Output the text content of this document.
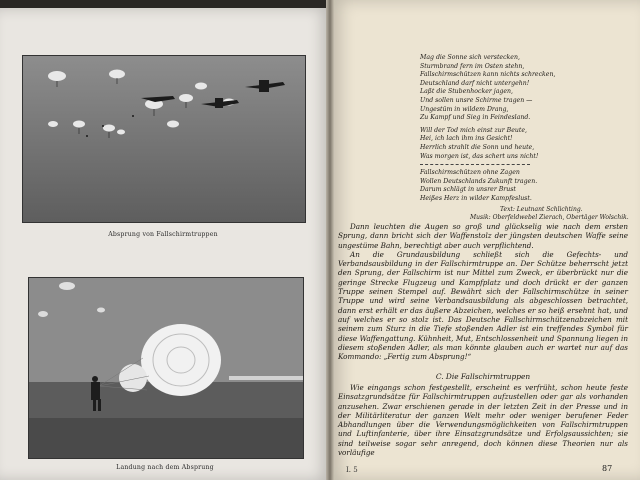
Absprung von Fallschirmtruppen
Landung nach dem Absprung
Mag die Sonne sich verstecken,
Sturmbrand fern im Osten stehn,
Fallschirmschützen kann nichts schrecken,
Deutschland darf nicht untergehn!
Laßt die Stubenhocker jagen,
Und sollen unsre Schirme tragen —
Ungestüm in wildem Drang,
Zu Kampf und Sieg in Feindesland.
Will der Tod mich einst zur Beute,
Hei, ich lach ihm ins Gesicht!
Herrlich strahlt die Sonn und heute,
Was morgen ist, das schert uns nicht!
Fallschirmschützen ohne Zagen
Wollen Deutschlands Zukunft tragen.
Darum schlägt in unsrer Brust
Heißes Herz in wilder Kampfeslust.
Text: Leutnant Schlichting.
Musik: Oberfeldwebel Zierach, Obertäger Wolschik.

Dann leuchten die Augen so groß und glückselig wie nach dem ersten Sprung, dann bricht sich der Waffenstolz der jüngsten deutschen Waffe seine ungestüme Bahn, berechtigt aber auch verpflichtend.

An die Grundausbildung schließt sich die Gefechts- und Verbandsausbildung in der Fallschirmtruppe an. Der Schütze beherrscht jetzt den Sprung, der Fallschirm ist nur Mittel zum Zweck, er überbrückt nur die geringe Strecke Flugzeug und Kampfplatz und doch drückt er der ganzen Truppe seinen Stempel auf. Bewährt sich der Fallschirmschütze in seiner Truppe und wird seine Verbandsausbildung als abgeschlossen betrachtet, dann erst erhält er das äußere Abzeichen, welches er so heiß ersehnt hat, und auf welches er so stolz ist. Das Deutsche Fallschirmschützenabzeichen mit seinem zum Sturz in die Tiefe stoßenden Adler ist ein treffendes Symbol für diese Waffengattung. Kühnheit, Mut, Entschlossenheit und Spannung liegen in diesem stoßenden Adler, als man könnte glauben auch er wartet nur auf das Kommando: „Fertig zum Absprung!“

C. Die Fallschirmtruppen

Wie eingangs schon festgestellt, erscheint es verfrüht, schon heute feste Einsatzgrundsätze für Fallschirmtruppen aufzustellen oder gar als vorhanden anzusehen. Zwar erschienen gerade in der letzten Zeit in der Presse und in der Militärliteratur der ganzen Welt mehr oder weniger berufener Feder Abhandlungen über die Verwendungsmöglichkeiten von Fallschirmtruppen und Luftinfanterie, über ihre Einsatzgrundsätze und Erfolgsaussichten; sie sind teilweise sogar sehr anregend, doch können diese Theorien nur als vorläufige

I. 5	87
